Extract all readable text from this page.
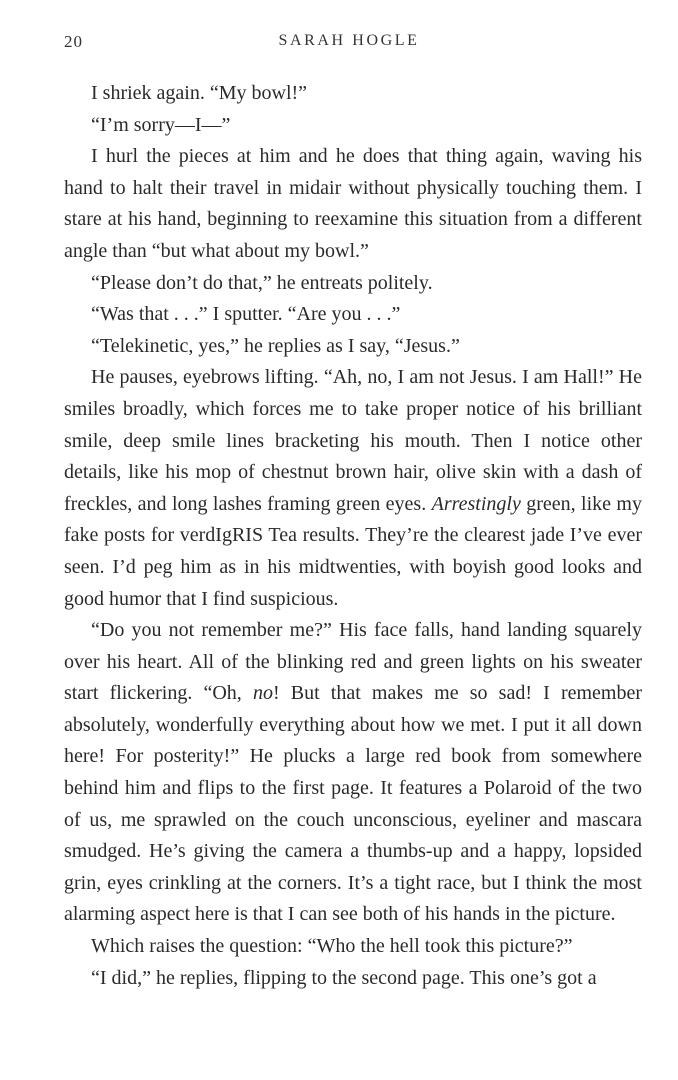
20	SARAH HOGLE

I shriek again. “My bowl!”

“I’m sorry—I—”

I hurl the pieces at him and he does that thing again, waving his hand to halt their travel in midair without physically touching them. I stare at his hand, beginning to reexamine this situation from a different angle than “but what about my bowl.”

“Please don’t do that,” he entreats politely.

“Was that . . .” I sputter. “Are you . . .”

“Telekinetic, yes,” he replies as I say, “Jesus.”

He pauses, eyebrows lifting. “Ah, no, I am not Jesus. I am Hall!” He smiles broadly, which forces me to take proper notice of his brilliant smile, deep smile lines bracketing his mouth. Then I notice other details, like his mop of chestnut brown hair, olive skin with a dash of freckles, and long lashes framing green eyes. Arrestingly green, like my fake posts for verdIgRIS Tea results. They’re the clearest jade I’ve ever seen. I’d peg him as in his midtwenties, with boyish good looks and good humor that I find suspicious.

“Do you not remember me?” His face falls, hand landing squarely over his heart. All of the blinking red and green lights on his sweater start flickering. “Oh, no! But that makes me so sad! I remember absolutely, wonderfully everything about how we met. I put it all down here! For posterity!” He plucks a large red book from somewhere behind him and flips to the first page. It features a Polaroid of the two of us, me sprawled on the couch unconscious, eyeliner and mascara smudged. He’s giving the camera a thumbs-up and a happy, lopsided grin, eyes crinkling at the corners. It’s a tight race, but I think the most alarming aspect here is that I can see both of his hands in the picture.

Which raises the question: “Who the hell took this picture?”

“I did,” he replies, flipping to the second page. This one’s got a
